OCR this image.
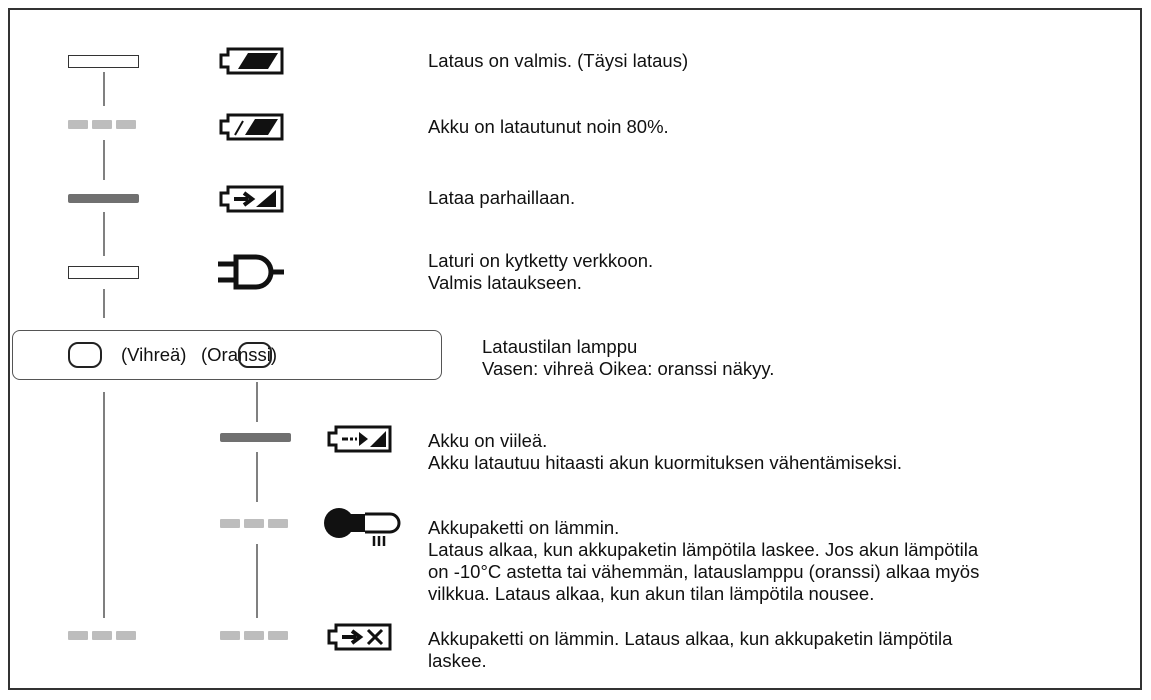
(Vihreä) (Oranssi)
Lataus on valmis. (Täysi lataus)
Akku on latautunut noin 80%.
Lataa parhaillaan.
Laturi on kytketty verkkoon.
Valmis lataukseen.
Lataustilan lamppu
Vasen: vihreä Oikea: oranssi näkyy.
Akku on viileä.
Akku latautuu hitaasti akun kuormituksen vähentämiseksi.
Akkupaketti on lämmin.
Lataus alkaa, kun akkupaketin lämpötila laskee. Jos akun lämpötila
on -10°C astetta tai vähemmän, latauslamppu (oranssi) alkaa myös
vilkkua. Lataus alkaa, kun akun tilan lämpötila nousee.
Akkupaketti on lämmin. Lataus alkaa, kun akkupaketin lämpötila
laskee.
